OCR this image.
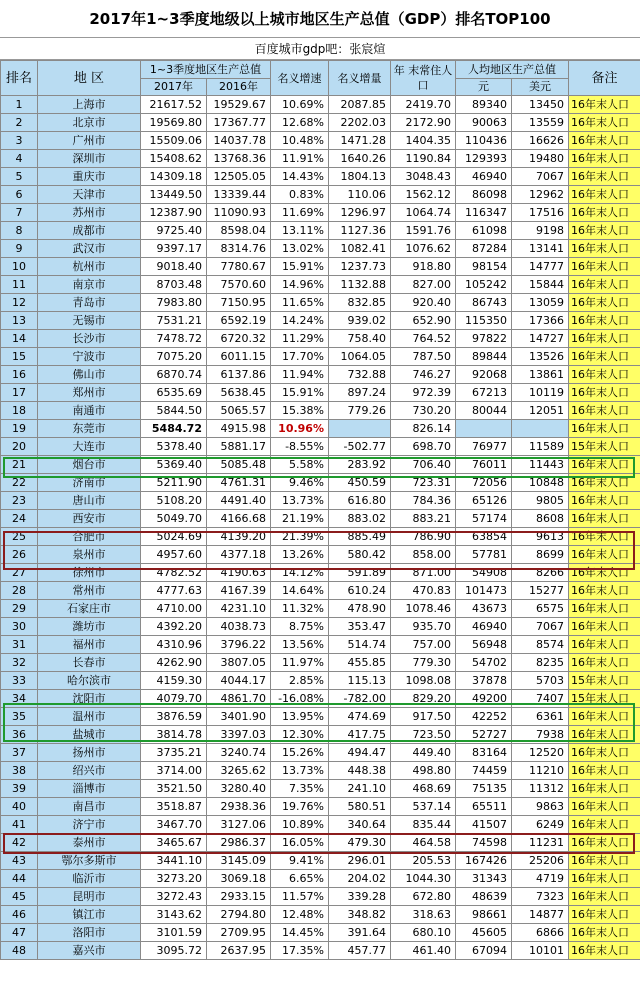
2017年1~3季度地级以上城市地区生产总值（GDP）排名TOP100
百度城市gdp吧：张宸煊
排名	地 区	1~3季度地区生产总值		名义增速	名义增量	年 末常住人口	人均地区生产总值		备注
		2017年	2016年				元	美元	
1	上海市	21617.52	19529.67	10.69%	2087.85	2419.70	89340	13450	16年末人口
2	北京市	19569.80	17367.77	12.68%	2202.03	2172.90	90063	13559	16年末人口
3	广州市	15509.06	14037.78	10.48%	1471.28	1404.35	110436	16626	16年末人口
4	深圳市	15408.62	13768.36	11.91%	1640.26	1190.84	129393	19480	16年末人口
5	重庆市	14309.18	12505.05	14.43%	1804.13	3048.43	46940	7067	16年末人口
6	天津市	13449.50	13339.44	0.83%	110.06	1562.12	86098	12962	16年末人口
7	苏州市	12387.90	11090.93	11.69%	1296.97	1064.74	116347	17516	16年末人口
8	成都市	9725.40	8598.04	13.11%	1127.36	1591.76	61098	9198	16年末人口
9	武汉市	9397.17	8314.76	13.02%	1082.41	1076.62	87284	13141	16年末人口
10	杭州市	9018.40	7780.67	15.91%	1237.73	918.80	98154	14777	16年末人口
11	南京市	8703.48	7570.60	14.96%	1132.88	827.00	105242	15844	16年末人口
12	青岛市	7983.80	7150.95	11.65%	832.85	920.40	86743	13059	16年末人口
13	无锡市	7531.21	6592.19	14.24%	939.02	652.90	115350	17366	16年末人口
14	长沙市	7478.72	6720.32	11.29%	758.40	764.52	97822	14727	16年末人口
15	宁波市	7075.20	6011.15	17.70%	1064.05	787.50	89844	13526	16年末人口
16	佛山市	6870.74	6137.86	11.94%	732.88	746.27	92068	13861	16年末人口
17	郑州市	6535.69	5638.45	15.91%	897.24	972.39	67213	10119	16年末人口
18	南通市	5844.50	5065.57	15.38%	779.26	730.20	80044	12051	16年末人口
19	东莞市	5484.72	4915.98	10.96%		826.14			16年末人口
20	大连市	5378.40	5881.17	-8.55%	-502.77	698.70	76977	11589	15年末人口
21	烟台市	5369.40	5085.48	5.58%	283.92	706.40	76011	11443	16年末人口
22	济南市	5211.90	4761.31	9.46%	450.59	723.31	72056	10848	16年末人口
23	唐山市	5108.20	4491.40	13.73%	616.80	784.36	65126	9805	16年末人口
24	西安市	5049.70	4166.68	21.19%	883.02	883.21	57174	8608	16年末人口
25	合肥市	5024.69	4139.20	21.39%	885.49	786.90	63854	9613	16年末人口
26	泉州市	4957.60	4377.18	13.26%	580.42	858.00	57781	8699	16年末人口
27	徐州市	4782.52	4190.63	14.12%	591.89	871.00	54908	8266	16年末人口
28	常州市	4777.63	4167.39	14.64%	610.24	470.83	101473	15277	16年末人口
29	石家庄市	4710.00	4231.10	11.32%	478.90	1078.46	43673	6575	16年末人口
30	潍坊市	4392.20	4038.73	8.75%	353.47	935.70	46940	7067	16年末人口
31	福州市	4310.96	3796.22	13.56%	514.74	757.00	56948	8574	16年末人口
32	长春市	4262.90	3807.05	11.97%	455.85	779.30	54702	8235	16年末人口
33	哈尔滨市	4159.30	4044.17	2.85%	115.13	1098.08	37878	5703	15年末人口
34	沈阳市	4079.70	4861.70	-16.08%	-782.00	829.20	49200	7407	15年末人口
35	温州市	3876.59	3401.90	13.95%	474.69	917.50	42252	6361	16年末人口
36	盐城市	3814.78	3397.03	12.30%	417.75	723.50	52727	7938	16年末人口
37	扬州市	3735.21	3240.74	15.26%	494.47	449.40	83164	12520	16年末人口
38	绍兴市	3714.00	3265.62	13.73%	448.38	498.80	74459	11210	16年末人口
39	淄博市	3521.50	3280.40	7.35%	241.10	468.69	75135	11312	16年末人口
40	南昌市	3518.87	2938.36	19.76%	580.51	537.14	65511	9863	16年末人口
41	济宁市	3467.70	3127.06	10.89%	340.64	835.44	41507	6249	16年末人口
42	泰州市	3465.67	2986.37	16.05%	479.30	464.58	74598	11231	16年末人口
43	鄂尔多斯市	3441.10	3145.09	9.41%	296.01	205.53	167426	25206	16年末人口
44	临沂市	3273.20	3069.18	6.65%	204.02	1044.30	31343	4719	16年末人口
45	昆明市	3272.43	2933.15	11.57%	339.28	672.80	48639	7323	16年末人口
46	镇江市	3143.62	2794.80	12.48%	348.82	318.63	98661	14877	16年末人口
47	洛阳市	3101.59	2709.95	14.45%	391.64	680.10	45605	6866	16年末人口
48	嘉兴市	3095.72	2637.95	17.35%	457.77	461.40	67094	10101	16年末人口
